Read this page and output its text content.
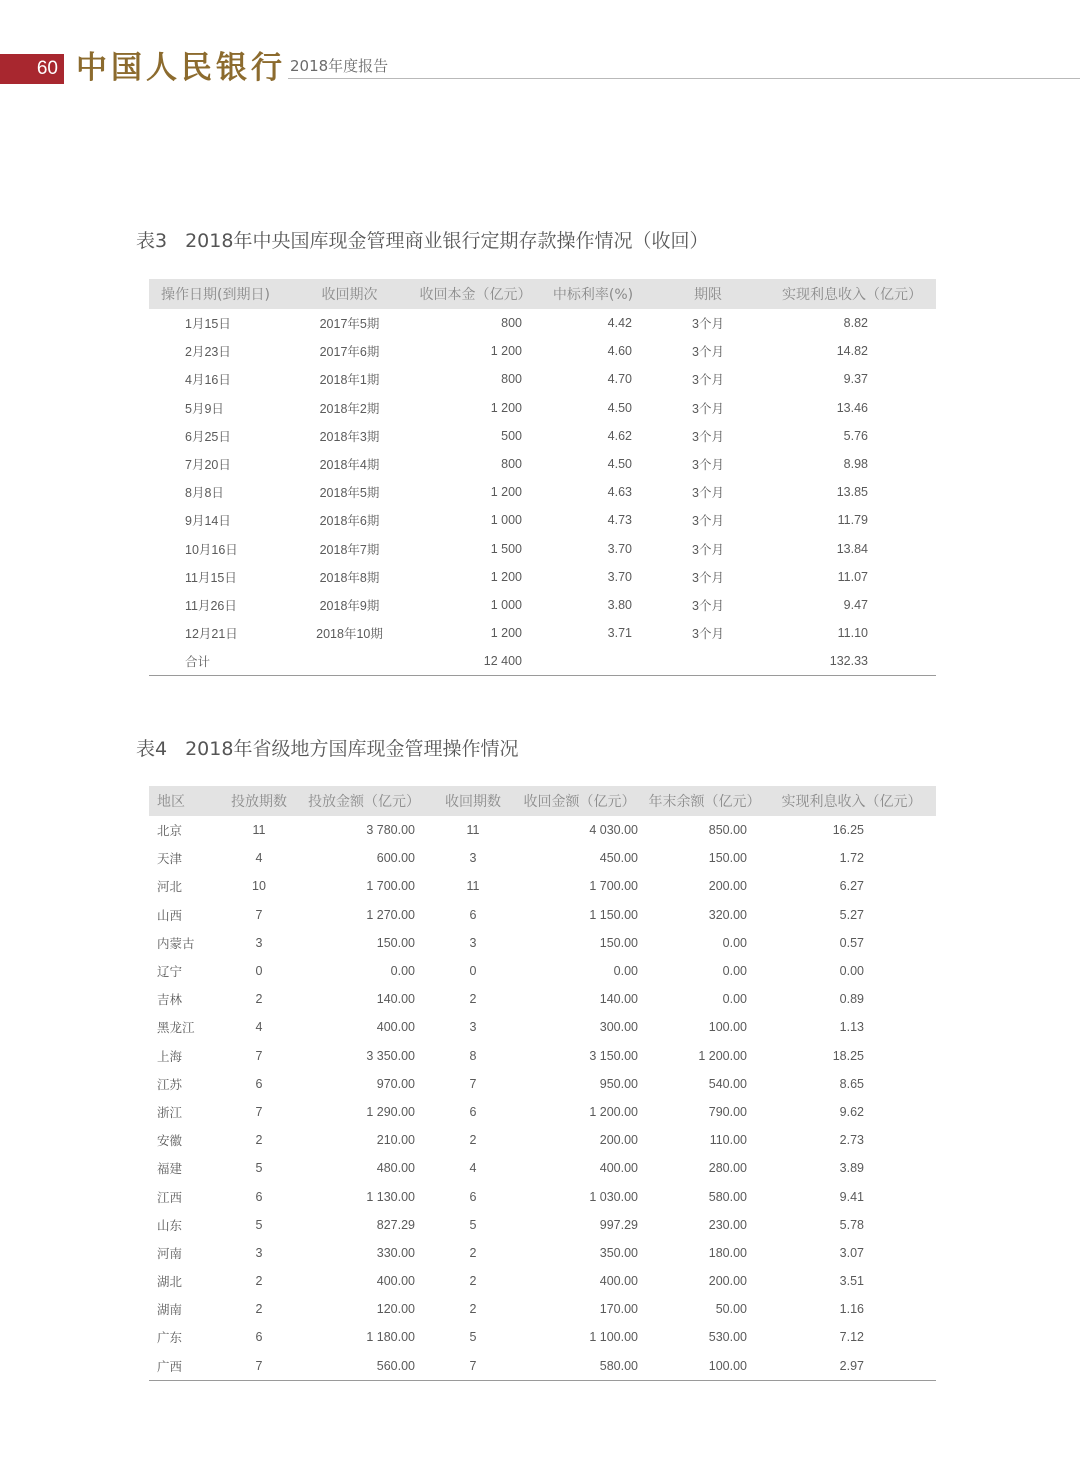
60 中国人民银行 2018年度报告
表3 2018年中央国库现金管理商业银行定期存款操作情况（收回）
操作日期(到期日)	收回期次	收回本金（亿元）	中标利率(%)	期限	实现利息收入（亿元）
1月15日	2017年5期	800	4.42	3个月	8.82
2月23日	2017年6期	1 200	4.60	3个月	14.82
4月16日	2018年1期	800	4.70	3个月	9.37
5月9日	2018年2期	1 200	4.50	3个月	13.46
6月25日	2018年3期	500	4.62	3个月	5.76
7月20日	2018年4期	800	4.50	3个月	8.98
8月8日	2018年5期	1 200	4.63	3个月	13.85
9月14日	2018年6期	1 000	4.73	3个月	11.79
10月16日	2018年7期	1 500	3.70	3个月	13.84
11月15日	2018年8期	1 200	3.70	3个月	11.07
11月26日	2018年9期	1 000	3.80	3个月	9.47
12月21日	2018年10期	1 200	3.71	3个月	11.10
合计		12 400			132.33
表4 2018年省级地方国库现金管理操作情况
地区	投放期数	投放金额（亿元）	收回期数	收回金额（亿元）	年末余额（亿元）	实现利息收入（亿元）
北京	11	3 780.00	11	4 030.00	850.00	16.25
天津	4	600.00	3	450.00	150.00	1.72
河北	10	1 700.00	11	1 700.00	200.00	6.27
山西	7	1 270.00	6	1 150.00	320.00	5.27
内蒙古	3	150.00	3	150.00	0.00	0.57
辽宁	0	0.00	0	0.00	0.00	0.00
吉林	2	140.00	2	140.00	0.00	0.89
黑龙江	4	400.00	3	300.00	100.00	1.13
上海	7	3 350.00	8	3 150.00	1 200.00	18.25
江苏	6	970.00	7	950.00	540.00	8.65
浙江	7	1 290.00	6	1 200.00	790.00	9.62
安徽	2	210.00	2	200.00	110.00	2.73
福建	5	480.00	4	400.00	280.00	3.89
江西	6	1 130.00	6	1 030.00	580.00	9.41
山东	5	827.29	5	997.29	230.00	5.78
河南	3	330.00	2	350.00	180.00	3.07
湖北	2	400.00	2	400.00	200.00	3.51
湖南	2	120.00	2	170.00	50.00	1.16
广东	6	1 180.00	5	1 100.00	530.00	7.12
广西	7	560.00	7	580.00	100.00	2.97
